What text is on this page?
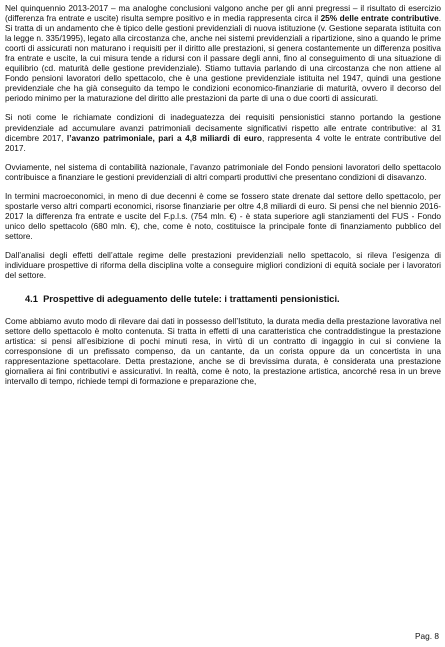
Nel quinquennio 2013-2017 – ma analoghe conclusioni valgono anche per gli anni pregressi – il risultato di esercizio (differenza fra entrate e uscite) risulta sempre positivo e in media rappresenta circa il 25% delle entrate contributive. Si tratta di un andamento che è tipico delle gestioni previdenziali di nuova istituzione (v. Gestione separata istituita con la legge n. 335/1995), legato alla circostanza che, anche nei sistemi previdenziali a ripartizione, sino a quando le prime coorti di assicurati non maturano i requisiti per il diritto alle prestazioni, si genera costantemente un differenza positiva fra entrate e uscite, la cui misura tende a ridursi con il passare degli anni, fino al conseguimento di una situazione di equilibrio (cd. maturità delle gestione previdenziale). Stiamo tuttavia parlando di una circostanza che non attiene al Fondo pensioni lavoratori dello spettacolo, che è una gestione previdenziale istituita nel 1947, quindi una gestione previdenziale che ha già conseguito da tempo le condizioni economico-finanziarie di maturità, ovvero il decorso del periodo minimo per la maturazione del diritto alle prestazioni da parte di una o due coorti di assicurati.

Si noti come le richiamate condizioni di inadeguatezza dei requisiti pensionistici stanno portando la gestione previdenziale ad accumulare avanzi patrimoniali decisamente significativi rispetto alle entrate contributive: al 31 dicembre 2017, l’avanzo patrimoniale, pari a 4,8 miliardi di euro, rappresenta 4 volte le entrate contributive del 2017.

Ovviamente, nel sistema di contabilità nazionale, l’avanzo patrimoniale del Fondo pensioni lavoratori dello spettacolo contribuisce a finanziare le gestioni previdenziali di altri comparti produttivi che presentano condizioni di disavanzo.

In termini macroeconomici, in meno di due decenni è come se fossero state drenate dal settore dello spettacolo, per spostarle verso altri comparti economici, risorse finanziarie per oltre 4,8 miliardi di euro. Si pensi che nel biennio 2016-2017 la differenza fra entrate e uscite del F.p.l.s. (754 mln. €) - è stata superiore agli stanziamenti del FUS - Fondo unico dello spettacolo (680 mln. €), che, come è noto, costituisce la principale fonte di finanziamento pubblico del settore.

Dall’analisi degli effetti dell’attale regime delle prestazioni previdenziali nello spettacolo, si rileva l’esigenza di individuare prospettive di riforma della disciplina volte a conseguire migliori condizioni di equità sociale per i lavoratori del settore.

4.1 Prospettive di adeguamento delle tutele: i trattamenti pensionistici.

Come abbiamo avuto modo di rilevare dai dati in possesso dell’Istituto, la durata media della prestazione lavorativa nel settore dello spettacolo è molto contenuta. Si tratta in effetti di una caratteristica che contraddistingue la prestazione artistica: si pensi all’esibizione di pochi minuti resa, in virtù di un contratto di ingaggio in cui si conviene la corresponsione di un prefissato compenso, da un cantante, da un corista oppure da un concertista in una rappresentazione spettacolare. Detta prestazione, anche se di brevissima durata, è considerata una prestazione giornaliera ai fini contributivi e assicurativi. In realtà, come è noto, la prestazione artistica, ancorché resa in un breve intervallo di tempo, richiede tempi di formazione e preparazione che,

Pag. 8
